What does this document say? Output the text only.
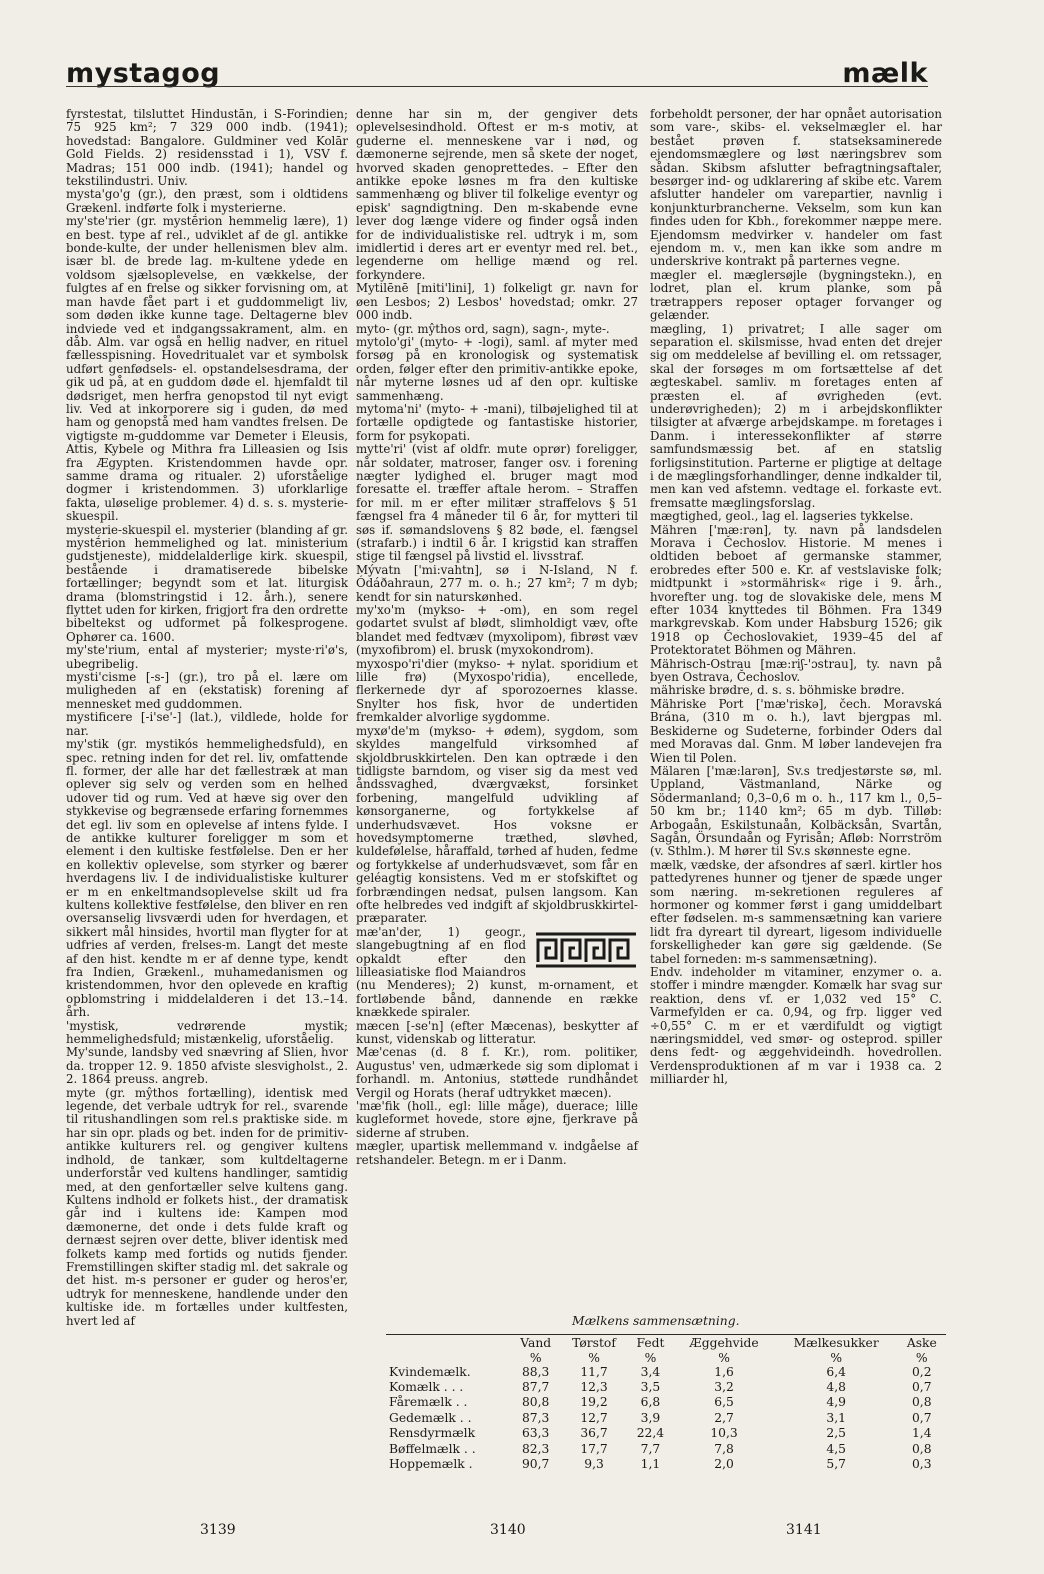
mystagog	mælk

fyrstestat, tilsluttet Hindustān, i S-Forindien; 75 925 km²; 7 329 000 indb. (1941); hovedstad: Bangalore. Guldminer ved Kolār Gold Fields. 2) residensstad i 1), VSV f. Madras; 151 000 indb. (1941); handel og tekstilindustri. Univ.

mysta'go'g (gr.), den præst, som i oldtidens Grækenl. indførte folk i mysterierne.

my'ste'rier (gr. mystḗrion hemmelig lære), 1) en best. type af rel., udviklet af de gl. antikke bonde-kulte, der under hellenismen blev alm. især bl. de brede lag. m-kultene ydede en voldsom sjælsoplevelse, en vækkelse, der fulgtes af en frelse og sikker forvisning om, at man havde fået part i et guddommeligt liv, som døden ikke kunne tage. Deltagerne blev indviede ved et indgangssakrament, alm. en dåb. Alm. var også en hellig nadver, en rituel fællesspisning. Hovedritualet var et symbolsk udført genfødsels- el. opstandelsesdrama, der gik ud på, at en guddom døde el. hjemfaldt til dødsriget, men herfra genopstod til nyt evigt liv. Ved at inkorporere sig i guden, dø med ham og genopstå med ham vandtes frelsen. De vigtigste m-guddomme var Demeter i Eleusis, Attis, Kybele og Mithra fra Lilleasien og Isis fra Ægypten. Kristendommen havde opr. samme drama og ritualer. 2) uforståelige dogmer i kristendommen. 3) uforklarlige fakta, uløselige problemer. 4) d. s. s. mysterie-skuespil.

mysterie-skuespil el. mysterier (blanding af gr. mystḗrion hemmelighed og lat. ministerium gudstjeneste), middelalderlige kirk. skuespil, bestående i dramatiserede bibelske fortællinger; begyndt som et lat. liturgisk drama (blomstringstid i 12. årh.), senere flyttet uden for kirken, frigjort fra den ordrette bibeltekst og udformet på folkesprogene. Ophører ca. 1600.

my'ste'rium, ental af mysterier; myste·ri'ø's, ubegribelig.

mysti'cisme [-s-] (gr.), tro på el. lære om muligheden af en (ekstatisk) forening af mennesket med guddommen.

mystificere [-i'se'-] (lat.), vildlede, holde for nar.

my'stik (gr. mystikós hemmelighedsfuld), en spec. retning inden for det rel. liv, omfattende fl. former, der alle har det fællestræk at man oplever sig selv og verden som en helhed udover tid og rum. Ved at hæve sig over den stykkevise og begrænsede erfaring fornemmes det egl. liv som en oplevelse af intens fylde. I de antikke kulturer foreligger m som et element i den kultiske festfølelse. Den er her en kollektiv oplevelse, som styrker og bærer hverdagens liv. I de individualistiske kulturer er m en enkeltmandsoplevelse skilt ud fra kultens kollektive festfølelse, den bliver en ren oversanselig livsværdi uden for hverdagen, et sikkert mål hinsides, hvortil man flygter for at udfries af verden, frelses-m. Langt det meste af den hist. kendte m er af denne type, kendt fra Indien, Grækenl., muhamedanismen og kristendommen, hvor den oplevede en kraftig opblomstring i middelalderen i det 13.–14. årh.

'mystisk, vedrørende mystik; hemmelighedsfuld; mistænkelig, uforståelig.

My'sunde, landsby ved snævring af Slien, hvor da. tropper 12. 9. 1850 afviste slesvigholst., 2. 2. 1864 preuss. angreb.

myte (gr. mŷthos fortælling), identisk med legende, det verbale udtryk for rel., svarende til ritushandlingen som rel.s praktiske side. m har sin opr. plads og bet. inden for de primitiv-antikke kulturers rel. og gengiver kultens indhold, de tankær, som kultdeltagerne underforstår ved kultens handlinger, samtidig med, at den genfortæller selve kultens gang. Kultens indhold er folkets hist., der dramatisk går ind i kultens ide: Kampen mod dæmonerne, det onde i dets fulde kraft og dernæst sejren over dette, bliver identisk med folkets kamp med fortids og nutids fjender. Fremstillingen skifter stadig ml. det sakrale og det hist. m-s personer er guder og heros'er, udtryk for menneskene, handlende under den kultiske ide. m fortælles under kultfesten, hvert led af

denne har sin m, der gengiver dets oplevelsesindhold. Oftest er m-s motiv, at guderne el. menneskene var i nød, og dæmonerne sejrende, men så skete der noget, hvorved skaden genoprettedes. – Efter den antikke epoke løsnes m fra den kultiske sammenhæng og bliver til folkelige eventyr og episk' sagndigtning. Den m-skabende evne lever dog længe videre og finder også inden for de individualistiske rel. udtryk i m, som imidlertid i deres art er eventyr med rel. bet., legenderne om hellige mænd og rel. forkyndere.

Mytilēnē [miti'lini], 1) folkeligt gr. navn for øen Lesbos; 2) Lesbos' hovedstad; omkr. 27 000 indb.

myto- (gr. mŷthos ord, sagn), sagn-, myte-.

mytolo'gi' (myto- + -logi), saml. af myter med forsøg på en kronologisk og systematisk orden, følger efter den primitiv-antikke epoke, når myterne løsnes ud af den opr. kultiske sammenhæng.

mytoma'ni' (myto- + -mani), tilbøjelighed til at fortælle opdigtede og fantastiske historier, form for psykopati.

mytte'ri' (vist af oldfr. mute oprør) foreligger, når soldater, matroser, fanger osv. i forening nægter lydighed el. bruger magt mod foresatte el. træffer aftale herom. – Straffen for mil. m er efter militær straffelovs § 51 fængsel fra 4 måneder til 6 år, for mytteri til søs if. sømandslovens § 82 bøde, el. fængsel (strafarb.) i indtil 6 år. I krigstid kan straffen stige til fængsel på livstid el. livsstraf.

Mývatn ['mi:vahtn], sø i N-Island, N f. Ódáðahraun, 277 m. o. h.; 27 km²; 7 m dyb; kendt for sin naturskønhed.

my'xo'm (mykso- + -om), en som regel godartet svulst af blødt, slimholdigt væv, ofte blandet med fedtvæv (myxolipom), fibrøst væv (myxofibrom) el. brusk (myxokondrom).

myxospo'ri'dier (mykso- + nylat. sporidium et lille frø) (Myxospo'ridia), encellede, flerkernede dyr af sporozoernes klasse. Snylter hos fisk, hvor de undertiden fremkalder alvorlige sygdomme.

myxø'de'm (mykso- + ødem), sygdom, som skyldes mangelfuld virksomhed af skjoldbruskkirtelen. Den kan optræde i den tidligste barndom, og viser sig da mest ved åndssvaghed, dværgvækst, forsinket forbening, mangelfuld udvikling af kønsorganerne, og fortykkelse af underhudsvævet. Hos voksne er hovedsymptomerne træthed, sløvhed, kuldefølelse, håraffald, tørhed af huden, fedme og fortykkelse af underhudsvævet, som får en geléagtig konsistens. Ved m er stofskiftet og forbrændingen nedsat, pulsen langsom. Kan ofte helbredes ved indgift af skjoldbruskkirtel-præparater.

mæ'an'der, 1) geogr., slangebugtning af en flod opkaldt efter den lilleasiatiske flod Maiandros (nu Menderes); 2) kunst, m-ornament, et fortløbende bånd, dannende en række knækkede spiraler.

mæcen [-se'n] (efter Mæcenas), beskytter af kunst, videnskab og litteratur.

Mæ'cenas (d. 8 f. Kr.), rom. politiker, Augustus' ven, udmærkede sig som diplomat i forhandl. m. Antonius, støttede rundhåndet Vergil og Horats (heraf udtrykket mæcen).

'mæ'fik (holl., egl: lille måge), duerace; lille kugleformet hovede, store øjne, fjerkrave på siderne af struben.

mægler, upartisk mellemmand v. indgåelse af retshandeler. Betegn. m er i Danm.

forbeholdt personer, der har opnået autorisation som vare-, skibs- el. vekselmægler el. har bestået prøven f. statseksaminerede ejendomsmæglere og løst næringsbrev som sådan. Skibsm afslutter befragtningsaftaler, besørger ind- og udklarering af skibe etc. Varem afslutter handeler om varepartier, navnlig i konjunkturbrancherne. Vekselm, som kun kan findes uden for Kbh., forekommer næppe mere. Ejendomsm medvirker v. handeler om fast ejendom m. v., men kan ikke som andre m underskrive kontrakt på parternes vegne.

mægler el. mæglersøjle (bygningstekn.), en lodret, plan el. krum planke, som på trætrappers reposer optager forvanger og gelænder.

mægling, 1) privatret; I alle sager om separation el. skilsmisse, hvad enten det drejer sig om meddelelse af bevilling el. om retssager, skal der forsøges m om fortsættelse af det ægteskabel. samliv. m foretages enten af præsten el. af øvrigheden (evt. underøvrigheden); 2) m i arbejdskonflikter tilsigter at afværge arbejdskampe. m foretages i Danm. i interessekonflikter af større samfundsmæssig bet. af en statslig forligsinstitution. Parterne er pligtige at deltage i de mæglingsforhandlinger, denne indkalder til, men kan ved afstemn. vedtage el. forkaste evt. fremsatte mæglingsforslag.

mægtighed, geol., lag el. lagseries tykkelse.

Mähren ['mæ:rən], ty. navn på landsdelen Morava i Čechoslov. Historie. M menes i oldtiden beboet af germanske stammer, erobredes efter 500 e. Kr. af vestslaviske folk; midtpunkt i »stormährisk« rige i 9. årh., hvorefter ung. tog de slovakiske dele, mens M efter 1034 knyttedes til Böhmen. Fra 1349 markgrevskab. Kom under Habsburg 1526; gik 1918 op Čechoslovakiet, 1939–45 del af Protektoratet Böhmen og Mähren.

Mährisch-Ostrau [mæ:riʃ-'ɔstrau], ty. navn på byen Ostrava, Čechoslov.

mähriske brødre, d. s. s. böhmiske brødre.

Mähriske Port ['mæ'riskə], čech. Moravská Brána, (310 m o. h.), lavt bjergpas ml. Beskiderne og Sudeterne, forbinder Oders dal med Moravas dal. Gnm. M løber landevejen fra Wien til Polen.

Mälaren ['mæ:larən], Sv.s tredjestørste sø, ml. Uppland, Västmanland, Närke og Södermanland; 0,3–0,6 m o. h., 117 km l., 0,5–50 km br.; 1140 km²; 65 m dyb. Tilløb: Arbogaån, Eskilstunaån, Kolbäcksån, Svartån, Sagån, Örsundaån og Fyrisån; Afløb: Norrström (v. Sthlm.). M hører til Sv.s skønneste egne.

mælk, vædske, der afsondres af særl. kirtler hos pattedyrenes hunner og tjener de spæde unger som næring. m-sekretionen reguleres af hormoner og kommer først i gang umiddelbart efter fødselen. m-s sammensætning kan variere lidt fra dyreart til dyreart, ligesom individuelle forskelligheder kan gøre sig gældende. (Se tabel forneden: m-s sammensætning).

Endv. indeholder m vitaminer, enzymer o. a. stoffer i mindre mængder. Komælk har svag sur reaktion, dens vf. er 1,032 ved 15° C. Varmefylden er ca. 0,94, og frp. ligger ved ÷0,55° C. m er et værdifuldt og vigtigt næringsmiddel, ved smør- og osteprod. spiller dens fedt- og æggehvideindh. hovedrollen. Verdensproduktionen af m var i 1938 ca. 2 milliarder hl,

Mælkens sammensætning.
	Vand	Tørstof	Fedt	Æggehvide	Mælkesukker	Aske
	%	%	%	%	%	%
Kvindemælk.	88,3	11,7	3,4	1,6	6,4	0,2
Komælk . . .	87,7	12,3	3,5	3,2	4,8	0,7
Fåremælk . .	80,8	19,2	6,8	6,5	4,9	0,8
Gedemælk . .	87,3	12,7	3,9	2,7	3,1	0,7
Rensdyrmælk	63,3	36,7	22,4	10,3	2,5	1,4
Bøffelmælk . .	82,3	17,7	7,7	7,8	4,5	0,8
Hoppemælk .	90,7	9,3	1,1	2,0	5,7	0,3
3139	3140	3141
